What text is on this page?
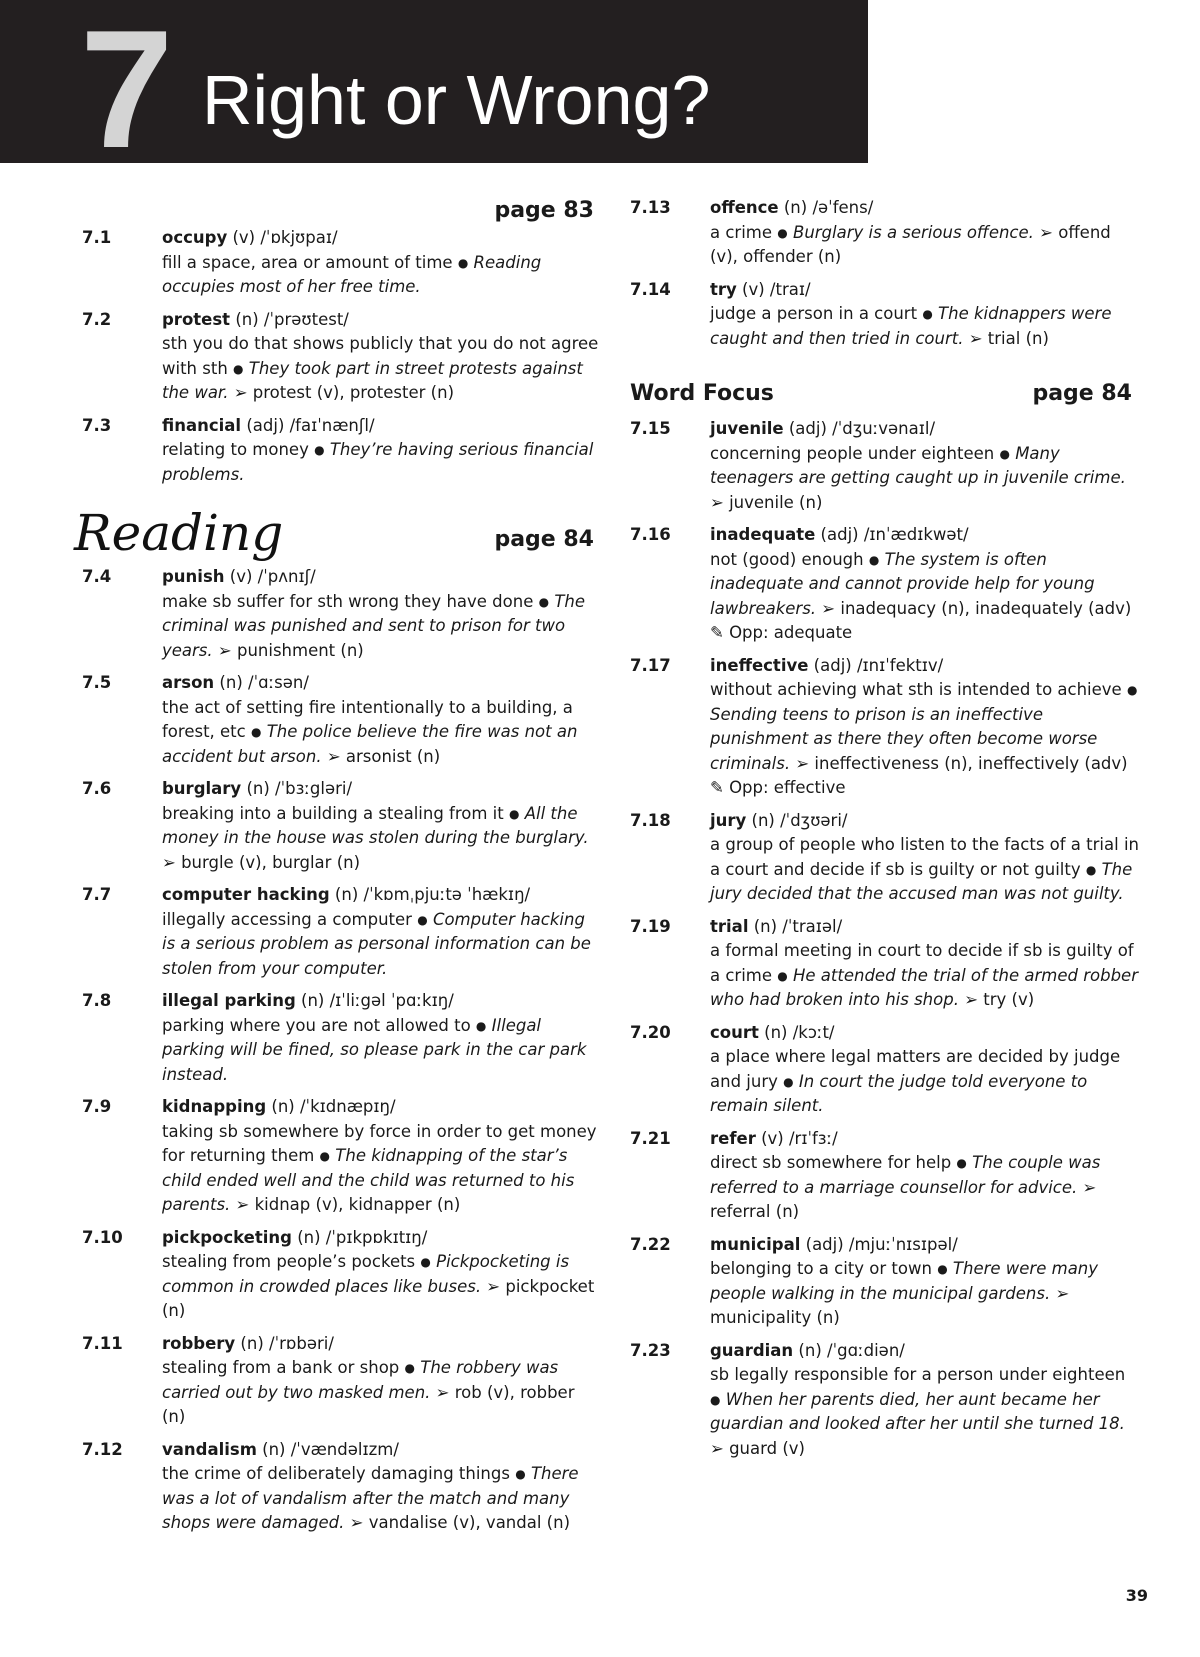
7 Right or Wrong?
page 83
7.1	occupy (v) /ˈɒkjʊpaɪ/
fill a space, area or amount of time ● Reading occupies most of her free time.
7.2	protest (n) /ˈprəʊtest/
sth you do that shows publicly that you do not agree with sth ● They took part in street protests against the war. ➢ protest (v), protester (n)
7.3	financial (adj) /faɪˈnænʃl/
relating to money ● They’re having serious financial problems.
Reading	page 84
7.4	punish (v) /ˈpʌnɪʃ/
make sb suffer for sth wrong they have done ● The criminal was punished and sent to prison for two years. ➢ punishment (n)
7.5	arson (n) /ˈɑːsən/
the act of setting fire intentionally to a building, a forest, etc ● The police believe the fire was not an accident but arson. ➢ arsonist (n)
7.6	burglary (n) /ˈbɜːgləri/
breaking into a building a stealing from it ● All the money in the house was stolen during the burglary. ➢ burgle (v), burglar (n)
7.7	computer hacking (n) /ˈkɒmˌpjuːtə ˈhækɪŋ/
illegally accessing a computer ● Computer hacking is a serious problem as personal information can be stolen from your computer.
7.8	illegal parking (n) /ɪˈliːgəl ˈpɑːkɪŋ/
parking where you are not allowed to ● Illegal parking will be fined, so please park in the car park instead.
7.9	kidnapping (n) /ˈkɪdnæpɪŋ/
taking sb somewhere by force in order to get money for returning them ● The kidnapping of the star’s child ended well and the child was returned to his parents. ➢ kidnap (v), kidnapper (n)
7.10 pickpocketing (n) /ˈpɪkpɒkɪtɪŋ/
stealing from people’s pockets ● Pickpocketing is common in crowded places like buses. ➢ pickpocket (n)
7.11 robbery (n) /ˈrɒbəri/
stealing from a bank or shop ● The robbery was carried out by two masked men. ➢ rob (v), robber (n)
7.12 vandalism (n) /ˈvændəlɪzm/
the crime of deliberately damaging things ● There was a lot of vandalism after the match and many shops were damaged. ➢ vandalise (v), vandal (n)
7.13 offence (n) /əˈfens/
a crime ● Burglary is a serious offence. ➢ offend (v), offender (n)
7.14 try (v) /traɪ/
judge a person in a court ● The kidnappers were caught and then tried in court. ➢ trial (n)
Word Focus	page 84
7.15 juvenile (adj) /ˈdʒuːvənaɪl/
concerning people under eighteen ● Many teenagers are getting caught up in juvenile crime. ➢ juvenile (n)
7.16 inadequate (adj) /ɪnˈædɪkwət/
not (good) enough ● The system is often inadequate and cannot provide help for young lawbreakers. ➢ inadequacy (n), inadequately (adv) ✎ Opp: adequate
7.17 ineffective (adj) /ɪnɪˈfektɪv/
without achieving what sth is intended to achieve ● Sending teens to prison is an ineffective punishment as there they often become worse criminals. ➢ ineffectiveness (n), ineffectively (adv) ✎ Opp: effective
7.18 jury (n) /ˈdʒʊəri/
a group of people who listen to the facts of a trial in a court and decide if sb is guilty or not guilty ● The jury decided that the accused man was not guilty.
7.19 trial (n) /ˈtraɪəl/
a formal meeting in court to decide if sb is guilty of a crime ● He attended the trial of the armed robber who had broken into his shop. ➢ try (v)
7.20 court (n) /kɔːt/
a place where legal matters are decided by judge and jury ● In court the judge told everyone to remain silent.
7.21 refer (v) /rɪˈfɜː/
direct sb somewhere for help ● The couple was referred to a marriage counsellor for advice. ➢ referral (n)
7.22 municipal (adj) /mjuːˈnɪsɪpəl/
belonging to a city or town ● There were many people walking in the municipal gardens. ➢ municipality (n)
7.23 guardian (n) /ˈgɑːdiən/
sb legally responsible for a person under eighteen ● When her parents died, her aunt became her guardian and looked after her until she turned 18. ➢ guard (v)
39
